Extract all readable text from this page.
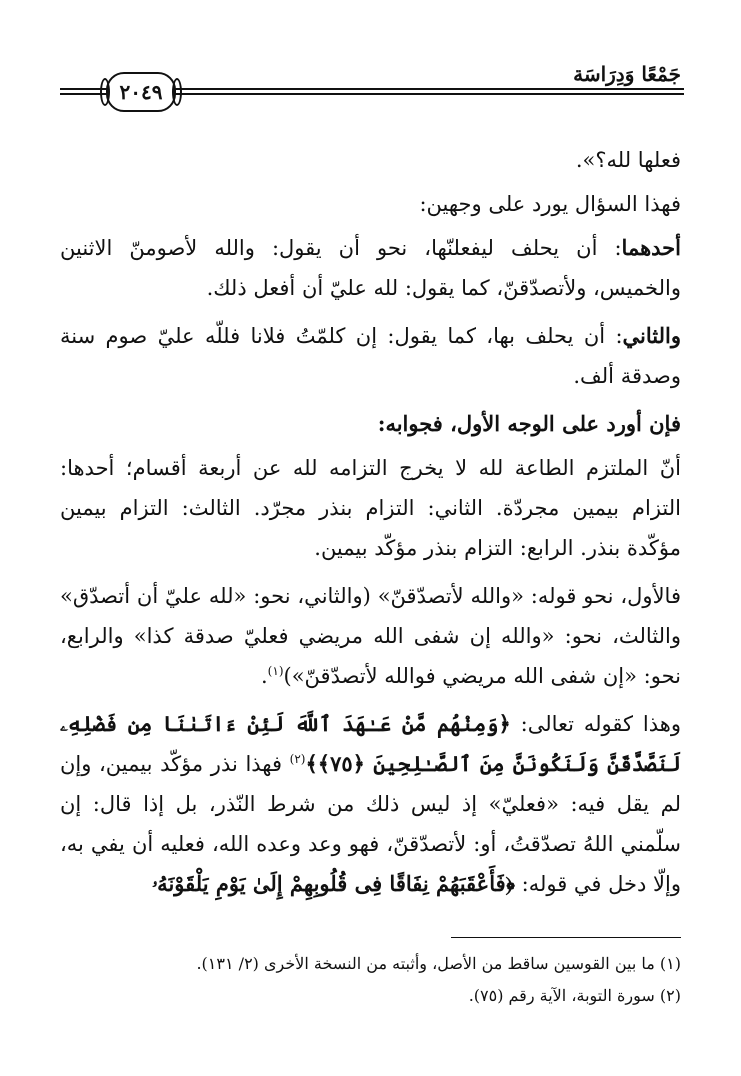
جَمْعًا وَدِرَاسَة
٢٠٤٩

فعلها لله؟».

فهذا السؤال يورد على وجهين:

أحدهما: أن يحلف ليفعلنّها، نحو أن يقول: والله لأصومنّ الاثنين والخميس، ولأتصدّقنّ، كما يقول: لله عليّ أن أفعل ذلك.

والثاني: أن يحلف بها، كما يقول: إن كلمّتُ فلانا فللّه عليّ صوم سنة وصدقة ألف.

فإن أورد على الوجه الأول، فجوابه:

أنّ الملتزم الطاعة لله لا يخرج التزامه لله عن أربعة أقسام؛ أحدها: التزام بيمين مجردّة. الثاني: التزام بنذر مجرّد. الثالث: التزام بيمين مؤكّدة بنذر. الرابع: التزام بنذر مؤكّد بيمين.

فالأول، نحو قوله: «والله لأتصدّقنّ» (والثاني، نحو: «لله عليّ أن أتصدّق» والثالث، نحو: «والله إن شفى الله مريضي فعليّ صدقة كذا» والرابع، نحو: «إن شفى الله مريضي فوالله لأتصدّقنّ»)$^{(١)}$.

وهذا كقوله تعالى: ﴿وَمِنْهُم مَّنْ عَـٰهَدَ ٱللَّهَ لَئِنْ ءَاتَىٰنَا مِن فَضْلِهِۦ لَنَصَّدَّقَنَّ وَلَنَكُونَنَّ مِنَ ٱلصَّـٰلِحِينَ ﴿٧٥﴾﴾$^{(٢)}$ فهذا نذر مؤكّد بيمين، وإن لم يقل فيه: «فعليّ» إذ ليس ذلك من شرط النّذر، بل إذا قال: إن سلّمني اللهُ تصدّقتُ، أو: لأتصدّقنّ، فهو وعد وعده الله، فعليه أن يفي به، وإلّا دخل في قوله: ﴿فَأَعْقَبَهُمْ نِفَاقًا فِى قُلُوبِهِمْ إِلَىٰ يَوْمِ يَلْقَوْنَهُۥ

(١) ما بين القوسين ساقط من الأصل، وأثبته من النسخة الأخرى (٢/ ١٣١).

(٢) سورة التوبة، الآية رقم (٧٥).
